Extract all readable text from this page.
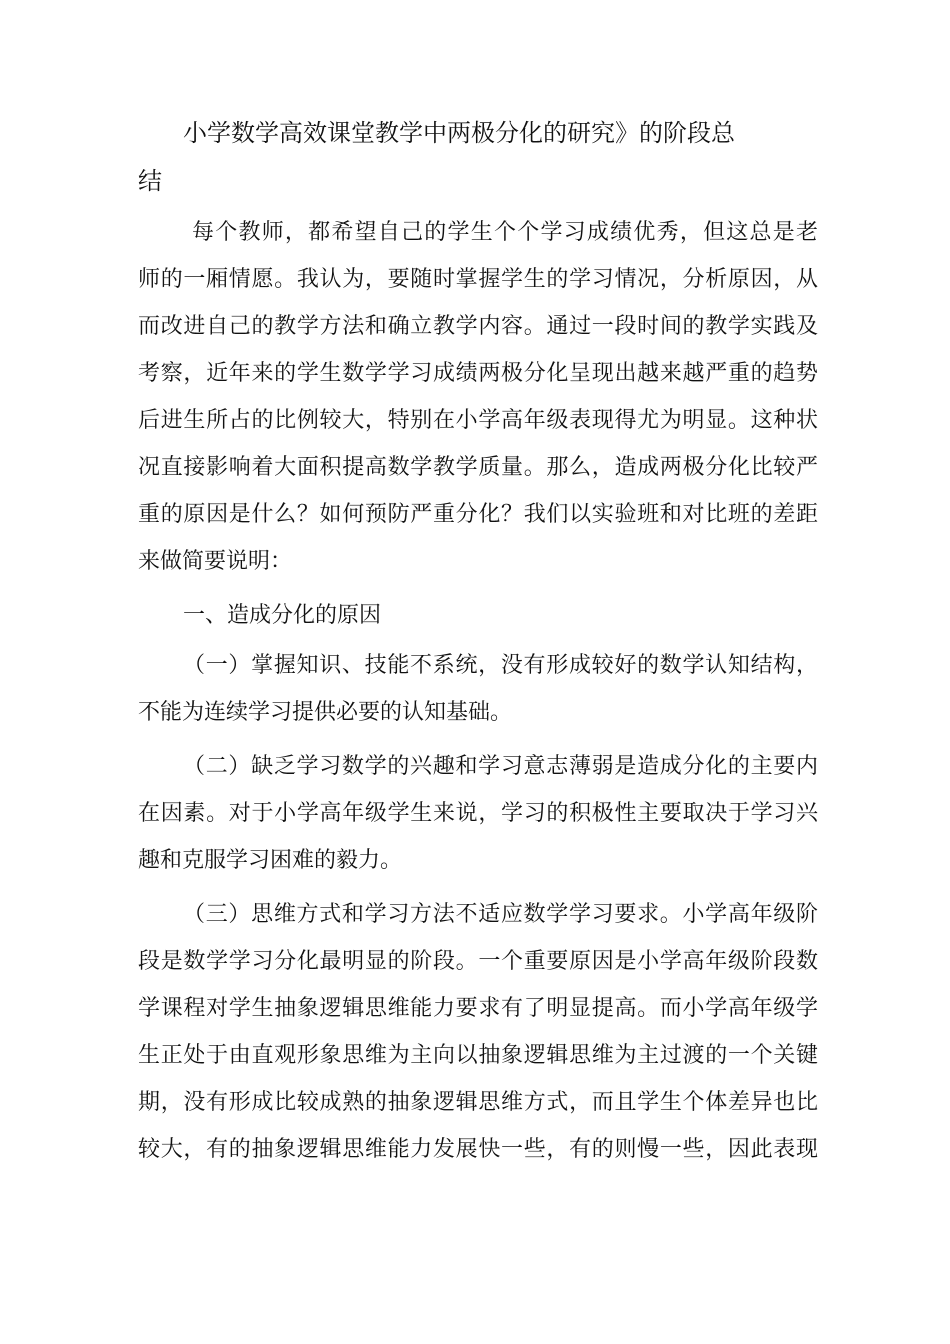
小学数学高效课堂教学中两极分化的研究》的阶段总
结
每个教师，都希望自己的学生个个学习成绩优秀，但这总是老
师的一厢情愿。我认为，要随时掌握学生的学习情况，分析原因，从
而改进自己的教学方法和确立教学内容。通过一段时间的教学实践及
考察，近年来的学生数学学习成绩两极分化呈现出越来越严重的趋势
后进生所占的比例较大，特别在小学高年级表现得尤为明显。这种状
况直接影响着大面积提高数学教学质量。那么，造成两极分化比较严
重的原因是什么？如何预防严重分化？我们以实验班和对比班的差距
来做简要说明：
一、造成分化的原因
（一）掌握知识、技能不系统，没有形成较好的数学认知结构，
不能为连续学习提供必要的认知基础。
（二）缺乏学习数学的兴趣和学习意志薄弱是造成分化的主要内
在因素。对于小学高年级学生来说，学习的积极性主要取决于学习兴
趣和克服学习困难的毅力。
（三）思维方式和学习方法不适应数学学习要求。小学高年级阶
段是数学学习分化最明显的阶段。一个重要原因是小学高年级阶段数
学课程对学生抽象逻辑思维能力要求有了明显提高。而小学高年级学
生正处于由直观形象思维为主向以抽象逻辑思维为主过渡的一个关键
期，没有形成比较成熟的抽象逻辑思维方式，而且学生个体差异也比
较大，有的抽象逻辑思维能力发展快一些，有的则慢一些，因此表现
